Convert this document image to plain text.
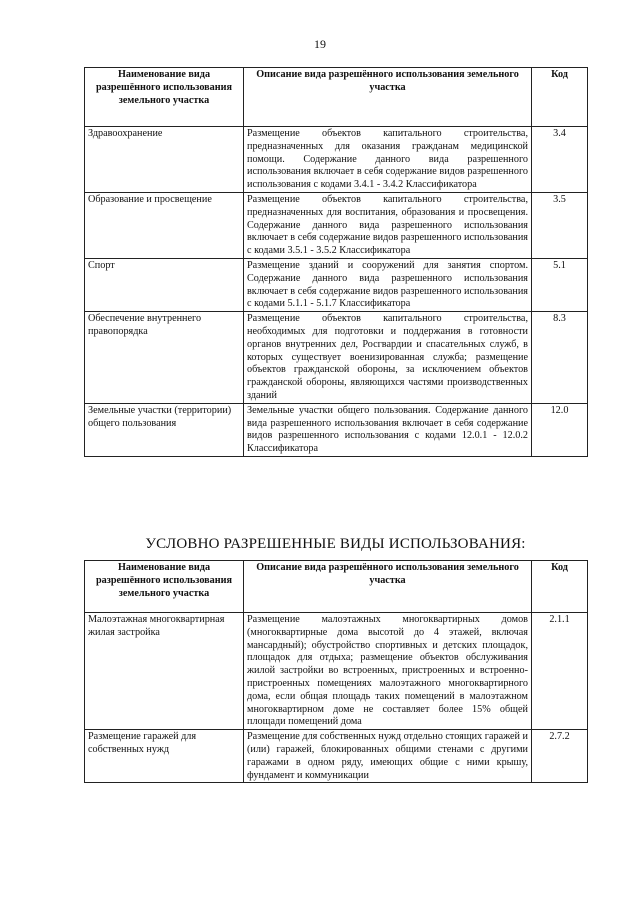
19
Наименование вида разрешённого использования земельного участка	Описание вида разрешённого использования земельного участка	Код
Здравоохранение	Размещение объектов капитального строительства, предназначенных для оказания гражданам медицинской помощи. Содержание данного вида разрешенного использования включает в себя содержание видов разрешенного использования с кодами 3.4.1 - 3.4.2 Классификатора	3.4
Образование и просвещение	Размещение объектов капитального строительства, предназначенных для воспитания, образования и просвещения. Содержание данного вида разрешенного использования включает в себя содержание видов разрешенного использования с кодами 3.5.1 - 3.5.2 Классификатора	3.5
Спорт	Размещение зданий и сооружений для занятия спортом. Содержание данного вида разрешенного использования включает в себя содержание видов разрешенного использования с кодами 5.1.1 - 5.1.7 Классификатора	5.1
Обеспечение внутреннего правопорядка	Размещение объектов капитального строительства, необходимых для подготовки и поддержания в готовности органов внутренних дел, Росгвардии и спасательных служб, в которых существует военизированная служба; размещение объектов гражданской обороны, за исключением объектов гражданской обороны, являющихся частями производственных зданий	8.3
Земельные участки (территории) общего пользования	Земельные участки общего пользования. Содержание данного вида разрешенного использования включает в себя содержание видов разрешенного использования с кодами 12.0.1 - 12.0.2 Классификатора	12.0
УСЛОВНО РАЗРЕШЕННЫЕ ВИДЫ ИСПОЛЬЗОВАНИЯ:
Наименование вида разрешённого использования земельного участка	Описание вида разрешённого использования земельного участка	Код
Малоэтажная многоквартирная жилая застройка	Размещение малоэтажных многоквартирных домов (многоквартирные дома высотой до 4 этажей, включая мансардный); обустройство спортивных и детских площадок, площадок для отдыха; размещение объектов обслуживания жилой застройки во встроенных, пристроенных и встроенно-пристроенных помещениях малоэтажного многоквартирного дома, если общая площадь таких помещений в малоэтажном многоквартирном доме не составляет более 15% общей площади помещений дома	2.1.1
Размещение гаражей для собственных нужд	Размещение для собственных нужд отдельно стоящих гаражей и (или) гаражей, блокированных общими стенами с другими гаражами в одном ряду, имеющих общие с ними крышу, фундамент и коммуникации	2.7.2
